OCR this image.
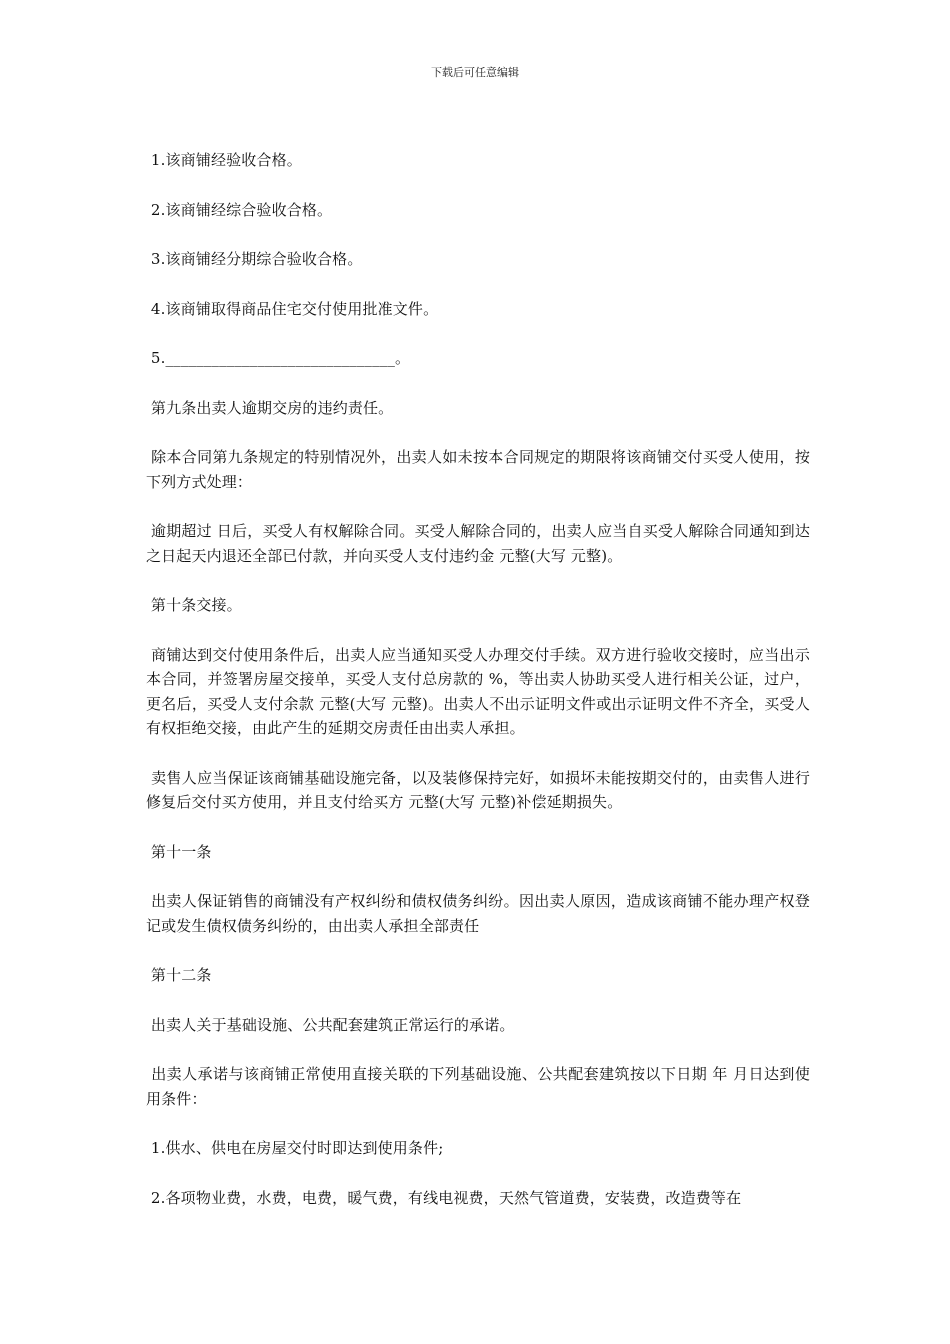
下载后可任意编辑

1.该商铺经验收合格。

2.该商铺经综合验收合格。

3.该商铺经分期综合验收合格。

4.该商铺取得商品住宅交付使用批准文件。

5.______________________________。

第九条出卖人逾期交房的违约责任。

除本合同第九条规定的特别情况外，出卖人如未按本合同规定的期限将该商铺交付买受人使用，按下列方式处理：

逾期超过 日后，买受人有权解除合同。买受人解除合同的，出卖人应当自买受人解除合同通知到达之日起天内退还全部已付款，并向买受人支付违约金 元整(大写 元整)。

第十条交接。

商铺达到交付使用条件后，出卖人应当通知买受人办理交付手续。双方进行验收交接时，应当出示本合同，并签署房屋交接单，买受人支付总房款的 %，等出卖人协助买受人进行相关公证，过户，更名后，买受人支付余款 元整(大写 元整)。出卖人不出示证明文件或出示证明文件不齐全，买受人有权拒绝交接，由此产生的延期交房责任由出卖人承担。

卖售人应当保证该商铺基础设施完备，以及装修保持完好，如损坏未能按期交付的，由卖售人进行修复后交付买方使用，并且支付给买方 元整(大写 元整)补偿延期损失。

第十一条

出卖人保证销售的商铺没有产权纠纷和债权债务纠纷。因出卖人原因，造成该商铺不能办理产权登记或发生债权债务纠纷的，由出卖人承担全部责任

第十二条

出卖人关于基础设施、公共配套建筑正常运行的承诺。

出卖人承诺与该商铺正常使用直接关联的下列基础设施、公共配套建筑按以下日期 年 月日达到使用条件：

1.供水、供电在房屋交付时即达到使用条件;

2.各项物业费，水费，电费，暖气费，有线电视费，天然气管道费，安装费，改造费等在
